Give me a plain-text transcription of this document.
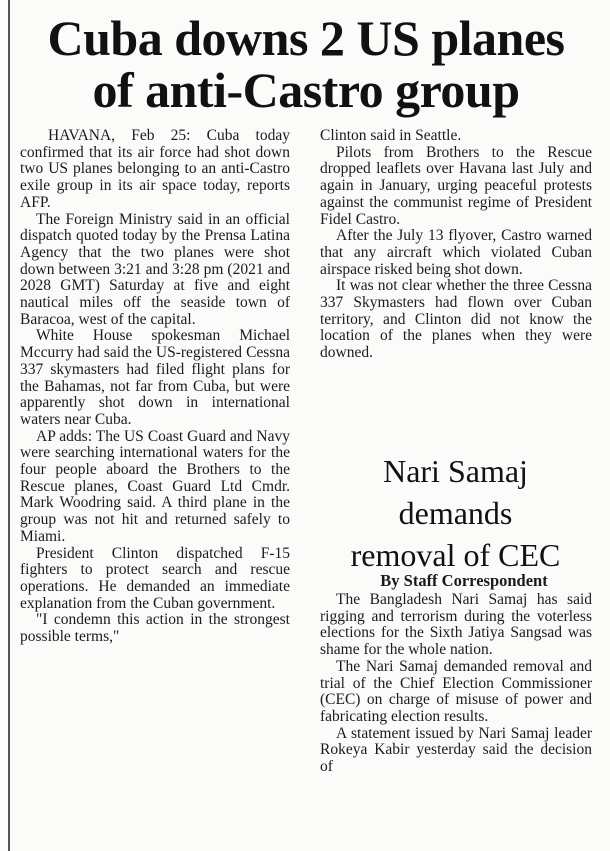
Cuba downs 2 US planes
of anti-Castro group

HAVANA, Feb 25: Cuba today confirmed that its air force had shot down two US planes belonging to an anti-Castro exile group in its air space today, reports AFP.

The Foreign Ministry said in an official dispatch quoted today by the Prensa Latina Agency that the two planes were shot down between 3:21 and 3:28 pm (2021 and 2028 GMT) Saturday at five and eight nautical miles off the seaside town of Baracoa, west of the capital.

White House spokesman Michael Mccurry had said the US-registered Cessna 337 skymasters had filed flight plans for the Bahamas, not far from Cuba, but were apparently shot down in international waters near Cuba.

AP adds: The US Coast Guard and Navy were searching international waters for the four people aboard the Brothers to the Rescue planes, Coast Guard Ltd Cmdr. Mark Woodring said. A third plane in the group was not hit and returned safely to Miami.

President Clinton dispatched F-15 fighters to protect search and rescue operations. He demanded an immediate explanation from the Cuban government.

"I condemn this action in the strongest possible terms,"

Clinton said in Seattle.

Pilots from Brothers to the Rescue dropped leaflets over Havana last July and again in January, urging peaceful protests against the communist regime of President Fidel Castro.

After the July 13 flyover, Castro warned that any aircraft which violated Cuban airspace risked being shot down.

It was not clear whether the three Cessna 337 Skymasters had flown over Cuban territory, and Clinton did not know the location of the planes when they were downed.

Nari Samaj
demands
removal of CEC
By Staff Correspondent

The Bangladesh Nari Samaj has said rigging and terrorism during the voterless elections for the Sixth Jatiya Sangsad was shame for the whole nation.

The Nari Samaj demanded removal and trial of the Chief Election Commissioner (CEC) on charge of misuse of power and fabricating election results.

A statement issued by Nari Samaj leader Rokeya Kabir yesterday said the decision of
